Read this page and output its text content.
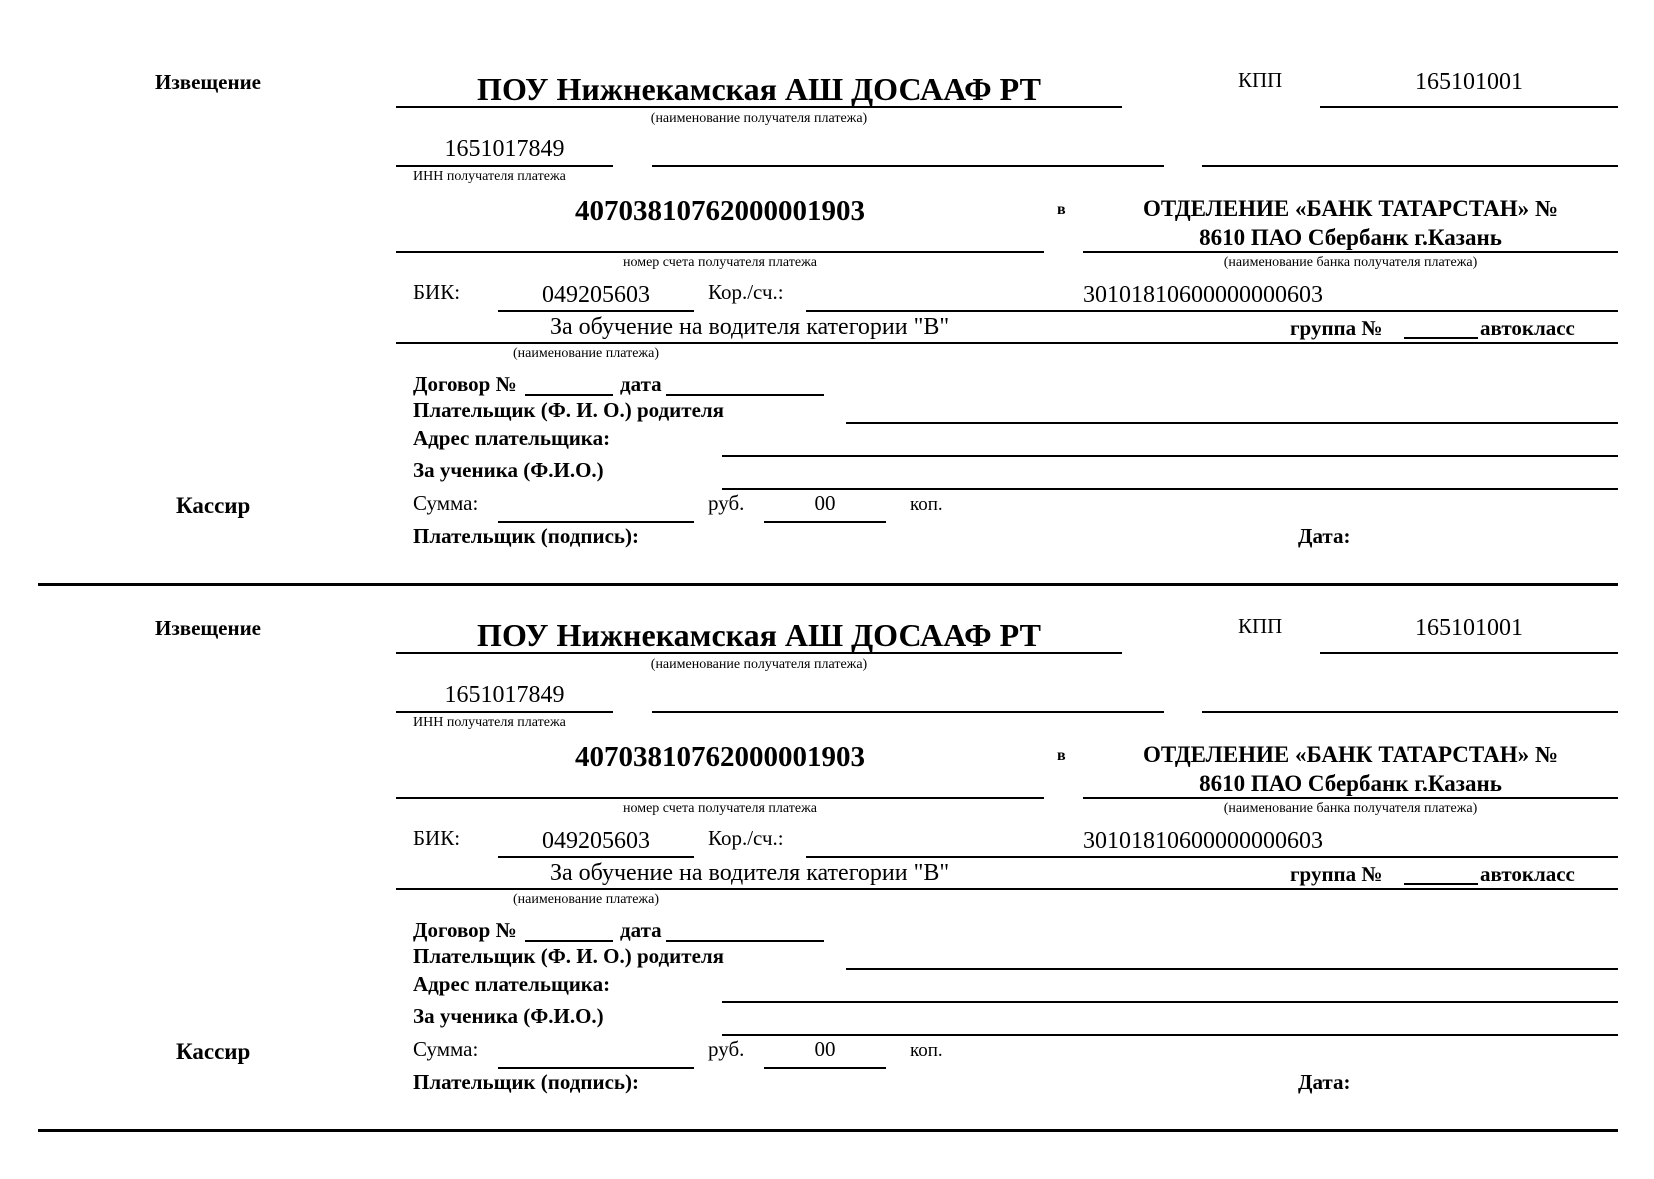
Извещение	ПОУ Нижнекамская АШ ДОСААФ РТ
(наименование получателя платежа)
КПП	165101001
1651017849
ИНН получателя платежа
40703810762000001903
номер счета получателя платежа
в	ОТДЕЛЕНИЕ «БАНК ТАТАРСТАН» №
8610 ПАО Сбербанк г.Казань
(наименование банка получателя платежа)
БИК:	049205603	Кор./сч.:	30101810600000000603
За обучение на водителя категории "В"	группа №	автокласс
(наименование платежа)
Договор №	дата
Плательщик (Ф. И. О.) родителя
Адрес плательщика:
За ученика (Ф.И.О.)
Кассир	Сумма:	руб.	00	коп.
Плательщик (подпись):	Дата:
Извещение	ПОУ Нижнекамская АШ ДОСААФ РТ
(наименование получателя платежа)
КПП	165101001
1651017849
ИНН получателя платежа
40703810762000001903
номер счета получателя платежа
в	ОТДЕЛЕНИЕ «БАНК ТАТАРСТАН» №
8610 ПАО Сбербанк г.Казань
(наименование банка получателя платежа)
БИК:	049205603	Кор./сч.:	30101810600000000603
За обучение на водителя категории "В"	группа №	автокласс
(наименование платежа)
Договор №	дата
Плательщик (Ф. И. О.) родителя
Адрес плательщика:
За ученика (Ф.И.О.)
Кассир	Сумма:	руб.	00	коп.
Плательщик (подпись):	Дата:
